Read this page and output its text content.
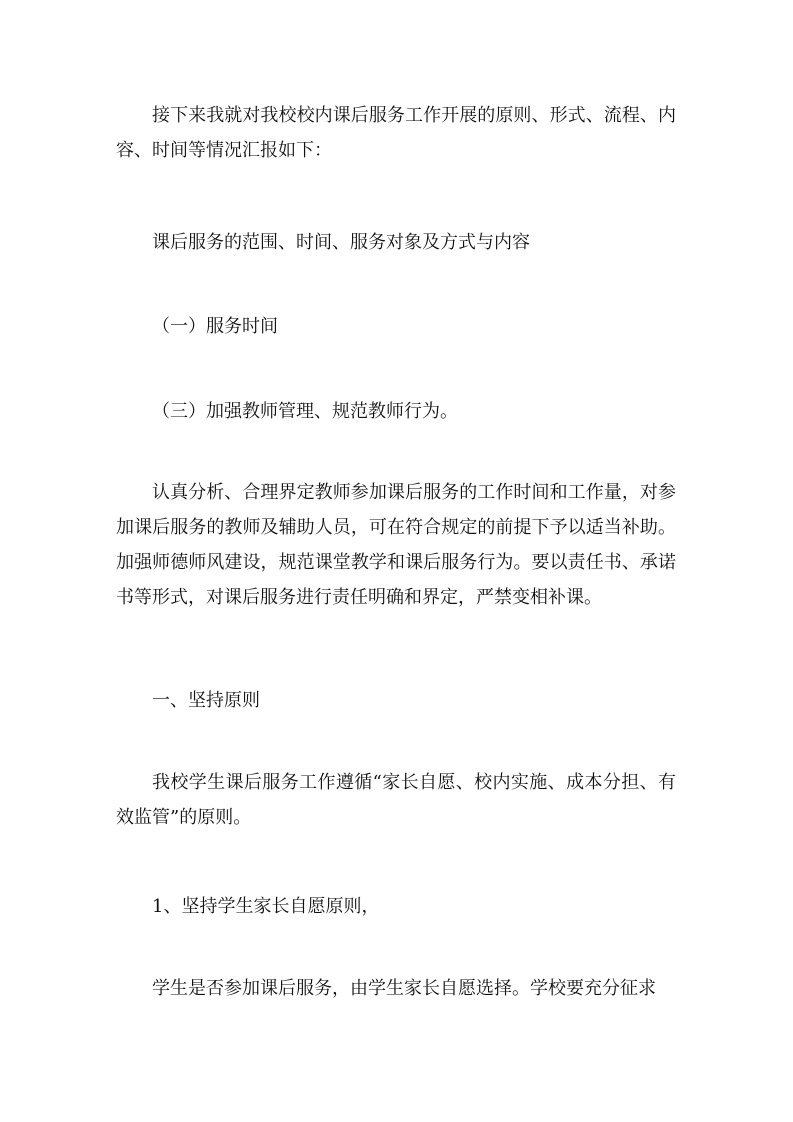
接下来我就对我校校内课后服务工作开展的原则、形式、流程、内容、时间等情况汇报如下：

课后服务的范围、时间、服务对象及方式与内容

（一）服务时间

（三）加强教师管理、规范教师行为。

认真分析、合理界定教师参加课后服务的工作时间和工作量，对参加课后服务的教师及辅助人员，可在符合规定的前提下予以适当补助。加强师德师风建设，规范课堂教学和课后服务行为。要以责任书、承诺书等形式，对课后服务进行责任明确和界定，严禁变相补课。

一、坚持原则

我校学生课后服务工作遵循“家长自愿、校内实施、成本分担、有效监管”的原则。

1、坚持学生家长自愿原则，

学生是否参加课后服务，由学生家长自愿选择。学校要充分征求
